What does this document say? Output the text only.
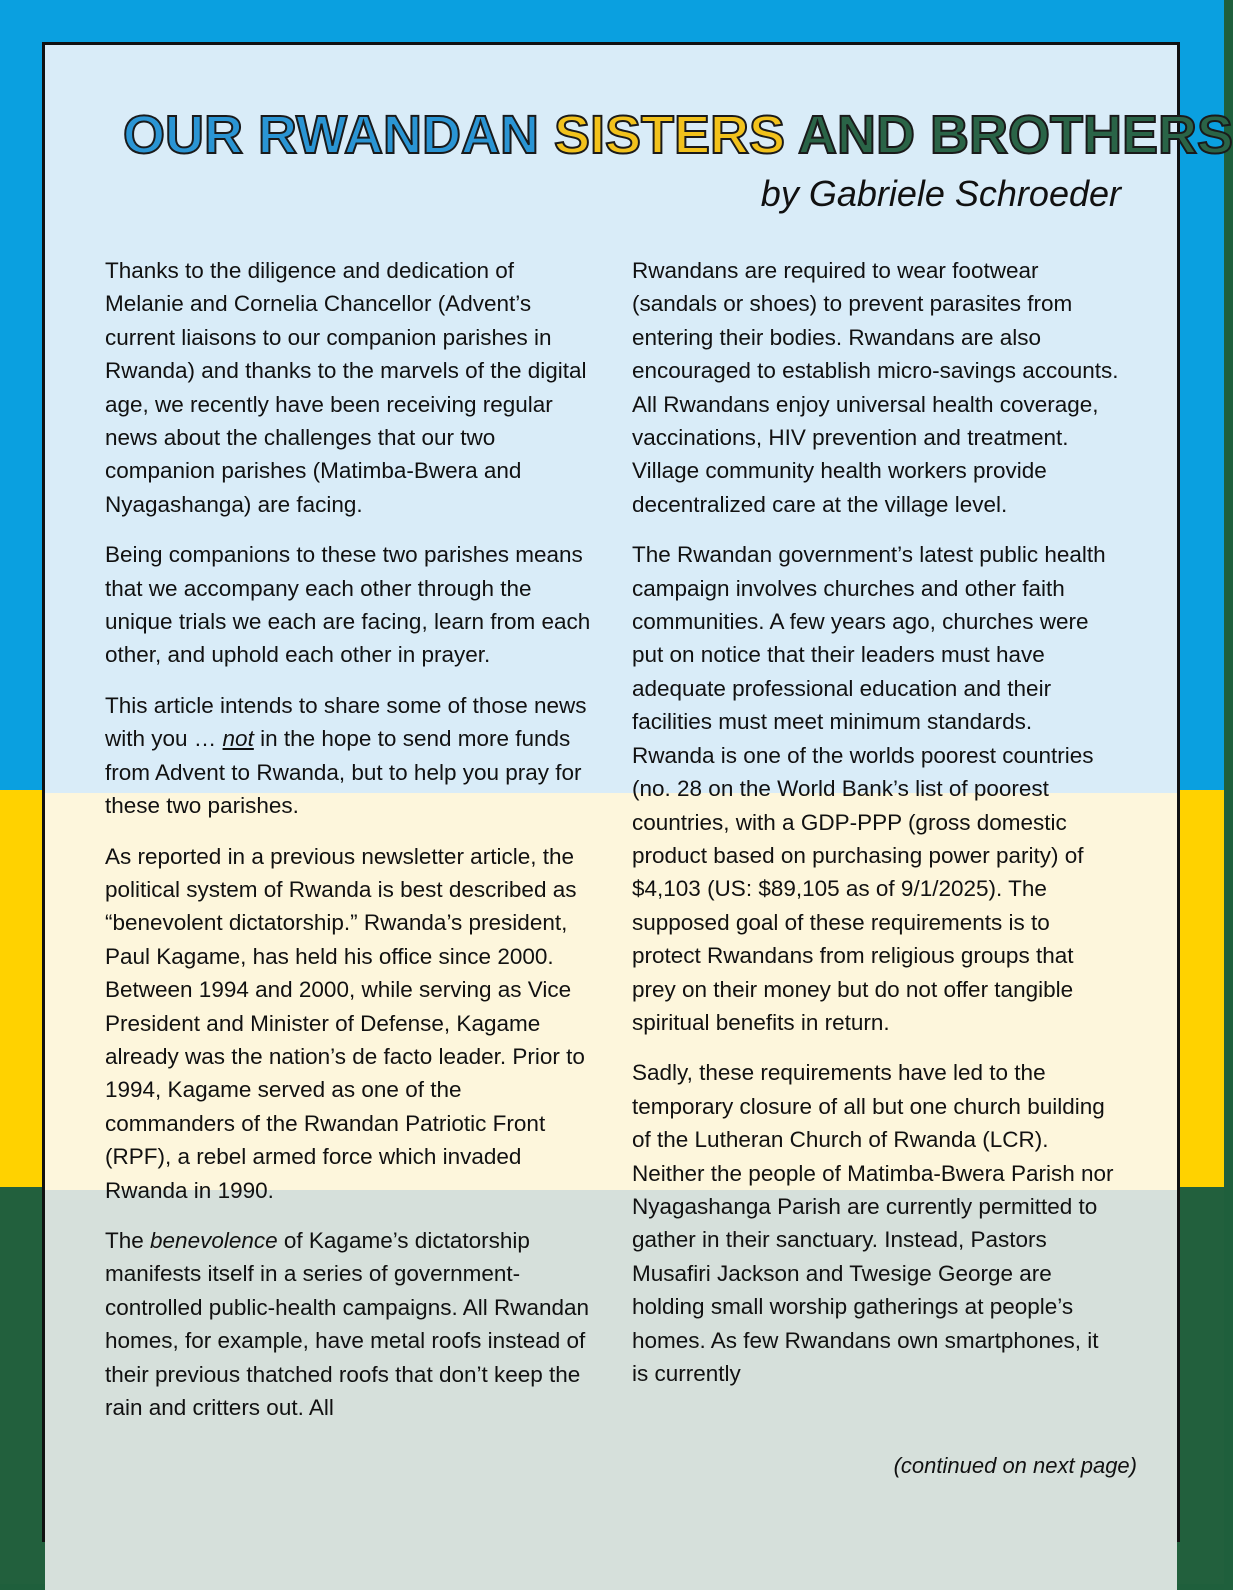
OUR RWANDAN SISTERS AND BROTHERS

by Gabriele Schroeder

Thanks to the diligence and dedication of Melanie and Cornelia Chancellor (Advent’s current liaisons to our companion parishes in Rwanda) and thanks to the marvels of the digital age, we recently have been receiving regular news about the challenges that our two companion parishes (Matimba-Bwera and Nyagashanga) are facing.

Being companions to these two parishes means that we accompany each other through the unique trials we each are facing, learn from each other, and uphold each other in prayer.

This article intends to share some of those news with you … not in the hope to send more funds from Advent to Rwanda, but to help you pray for these two parishes.

As reported in a previous newsletter article, the political system of Rwanda is best described as “benevolent dictatorship.” Rwanda’s president, Paul Kagame, has held his office since 2000. Between 1994 and 2000, while serving as Vice President and Minister of Defense, Kagame already was the nation’s de facto leader. Prior to 1994, Kagame served as one of the commanders of the Rwandan Patriotic Front (RPF), a rebel armed force which invaded Rwanda in 1990.

The benevolence of Kagame’s dictatorship manifests itself in a series of government-controlled public-health campaigns. All Rwandan homes, for example, have metal roofs instead of their previous thatched roofs that don’t keep the rain and critters out. All

Rwandans are required to wear footwear (sandals or shoes) to prevent parasites from entering their bodies. Rwandans are also encouraged to establish micro-savings accounts. All Rwandans enjoy universal health coverage, vaccinations, HIV prevention and treatment. Village community health workers provide decentralized care at the village level.

The Rwandan government’s latest public health campaign involves churches and other faith communities. A few years ago, churches were put on notice that their leaders must have adequate professional education and their facilities must meet minimum standards. Rwanda is one of the worlds poorest countries (no. 28 on the World Bank’s list of poorest countries, with a GDP-PPP (gross domestic product based on purchasing power parity) of $4,103 (US: $89,105 as of 9/1/2025). The supposed goal of these requirements is to protect Rwandans from religious groups that prey on their money but do not offer tangible spiritual benefits in return.

Sadly, these requirements have led to the temporary closure of all but one church building of the Lutheran Church of Rwanda (LCR). Neither the people of Matimba-Bwera Parish nor Nyagashanga Parish are currently permitted to gather in their sanctuary. Instead, Pastors Musafiri Jackson and Twesige George are holding small worship gatherings at people’s homes. As few Rwandans own smartphones, it is currently

(continued on next page)
